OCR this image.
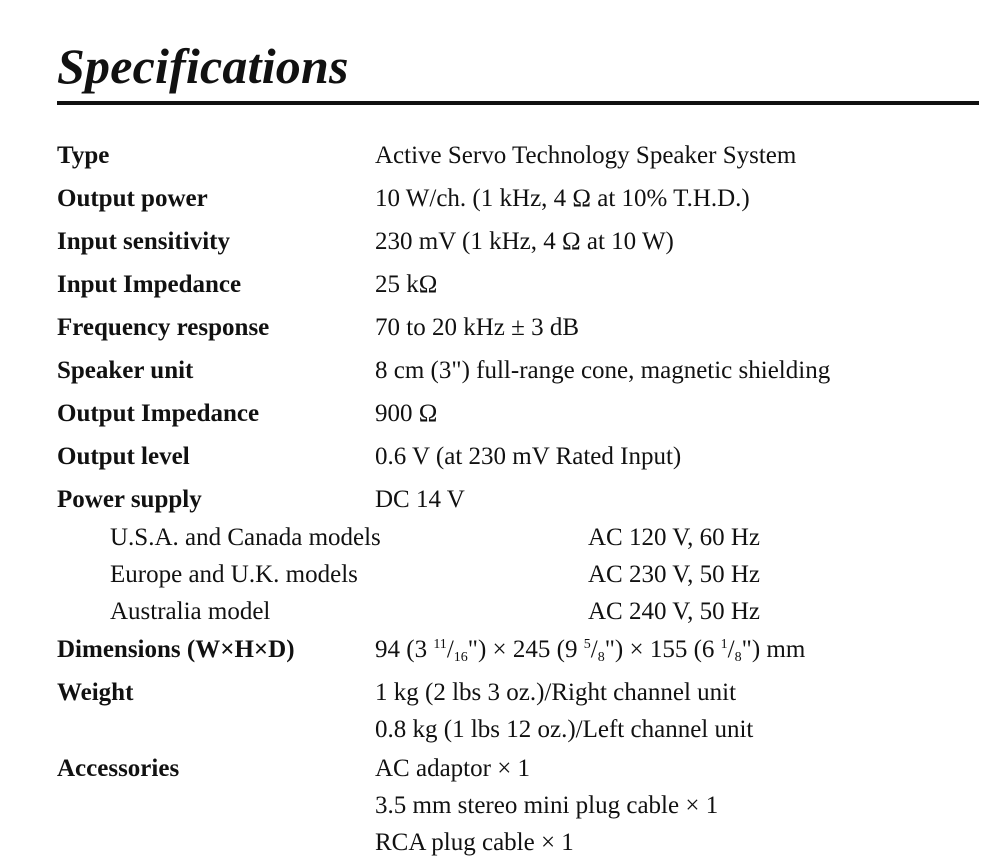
Specifications
Type	Active Servo Technology Speaker System
Output power	10 W/ch. (1 kHz, 4 Ω at 10% T.H.D.)
Input sensitivity	230 mV (1 kHz, 4 Ω at 10 W)
Input Impedance	25 kΩ
Frequency response	70 to 20 kHz ± 3 dB
Speaker unit	8 cm (3") full-range cone, magnetic shielding
Output Impedance	900 Ω
Output level	0.6 V (at 230 mV Rated Input)
Power supply	DC 14 V
U.S.A. and Canada models	AC 120 V, 60 Hz
Europe and U.K. models	AC 230 V, 50 Hz
Australia model	AC 240 V, 50 Hz
Dimensions (W×H×D)	94 (3 $^{11}/_{16}") \times 245$ (9 $^5/_8") \times 155$ (6 $^1/_8$") mm
Weight	1 kg (2 lbs 3 oz.)/Right channel unit
0.8 kg (1 lbs 12 oz.)/Left channel unit
Accessories	AC adaptor × 1
3.5 mm stereo mini plug cable × 1
RCA plug cable × 1
